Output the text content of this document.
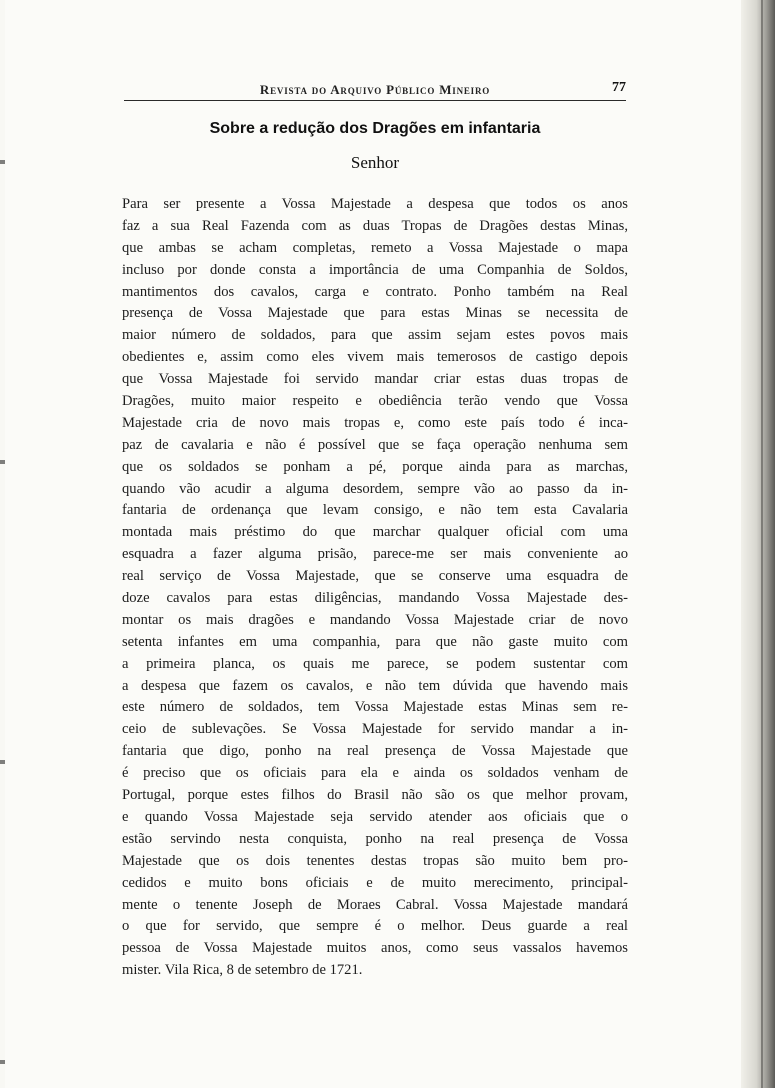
Revista do Arquivo Público Mineiro	77
Sobre a redução dos Dragões em infantaria
Senhor
Para ser presente a Vossa Majestade a despesa que todos os anos
faz a sua Real Fazenda com as duas Tropas de Dragões destas Minas,
que ambas se acham completas, remeto a Vossa Majestade o mapa
incluso por donde consta a importância de uma Companhia de Soldos,
mantimentos dos cavalos, carga e contrato. Ponho também na Real
presença de Vossa Majestade que para estas Minas se necessita de
maior número de soldados, para que assim sejam estes povos mais
obedientes e, assim como eles vivem mais temerosos de castigo depois
que Vossa Majestade foi servido mandar criar estas duas tropas de
Dragões, muito maior respeito e obediência terão vendo que Vossa
Majestade cria de novo mais tropas e, como este país todo é inca-
paz de cavalaria e não é possível que se faça operação nenhuma sem
que os soldados se ponham a pé, porque ainda para as marchas,
quando vão acudir a alguma desordem, sempre vão ao passo da in-
fantaria de ordenança que levam consigo, e não tem esta Cavalaria
montada mais préstimo do que marchar qualquer oficial com uma
esquadra a fazer alguma prisão, parece-me ser mais conveniente ao
real serviço de Vossa Majestade, que se conserve uma esquadra de
doze cavalos para estas diligências, mandando Vossa Majestade des-
montar os mais dragões e mandando Vossa Majestade criar de novo
setenta infantes em uma companhia, para que não gaste muito com
a primeira planca, os quais me parece, se podem sustentar com
a despesa que fazem os cavalos, e não tem dúvida que havendo mais
este número de soldados, tem Vossa Majestade estas Minas sem re-
ceio de sublevações. Se Vossa Majestade for servido mandar a in-
fantaria que digo, ponho na real presença de Vossa Majestade que
é preciso que os oficiais para ela e ainda os soldados venham de
Portugal, porque estes filhos do Brasil não são os que melhor provam,
e quando Vossa Majestade seja servido atender aos oficiais que o
estão servindo nesta conquista, ponho na real presença de Vossa
Majestade que os dois tenentes destas tropas são muito bem pro-
cedidos e muito bons oficiais e de muito merecimento, principal-
mente o tenente Joseph de Moraes Cabral. Vossa Majestade mandará
o que for servido, que sempre é o melhor. Deus guarde a real
pessoa de Vossa Majestade muitos anos, como seus vassalos havemos
mister. Vila Rica, 8 de setembro de 1721.
